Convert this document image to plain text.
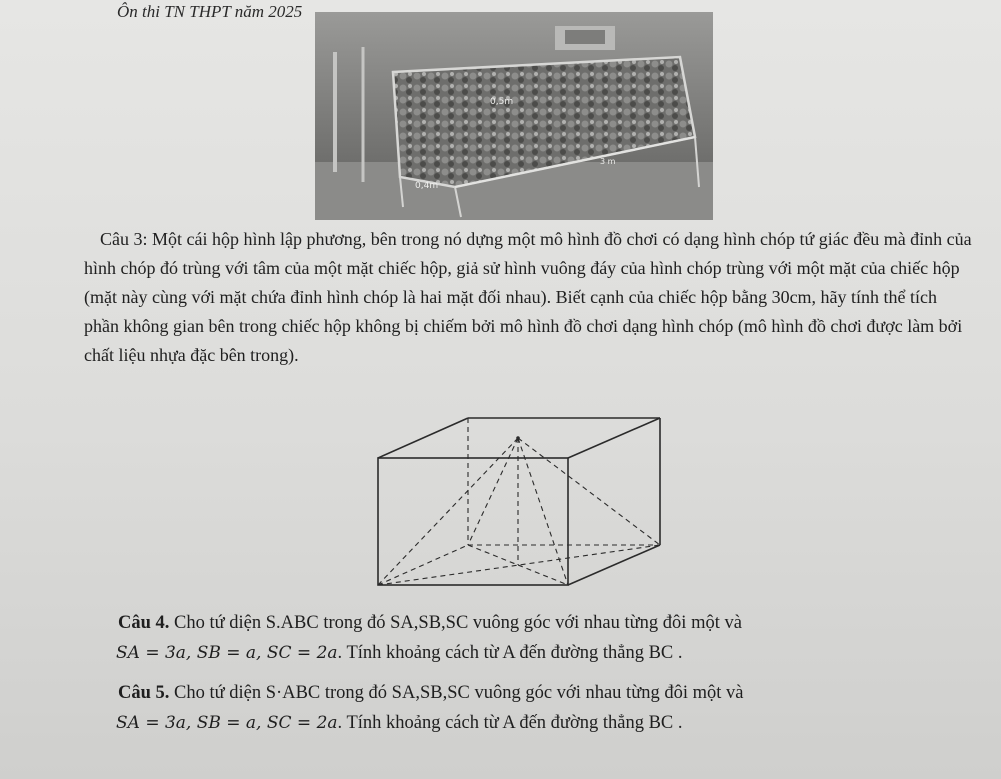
Ôn thi TN THPT năm 2025
0,5m
0,4m
3 m
Câu 3: Một cái hộp hình lập phương, bên trong nó dựng một mô hình đồ chơi có dạng hình chóp tứ giác đều mà đỉnh của hình chóp đó trùng với tâm của một mặt chiếc hộp, giả sử hình vuông đáy của hình chóp trùng với một mặt của chiếc hộp (mặt này cùng với mặt chứa đỉnh hình chóp là hai mặt đối nhau). Biết cạnh của chiếc hộp bằng 30cm, hãy tính thể tích phần không gian bên trong chiếc hộp không bị chiếm bởi mô hình đồ chơi dạng hình chóp (mô hình đồ chơi được làm bởi chất liệu nhựa đặc bên trong).
Câu 4. Cho tứ diện S.ABC trong đó SA,SB,SC vuông góc với nhau từng đôi một và
SA = 3a, SB = a, SC = 2a. Tính khoảng cách từ A đến đường thẳng BC .
Câu 5. Cho tứ diện S·ABC trong đó SA,SB,SC vuông góc với nhau từng đôi một và
SA = 3a, SB = a, SC = 2a. Tính khoảng cách từ A đến đường thẳng BC .
